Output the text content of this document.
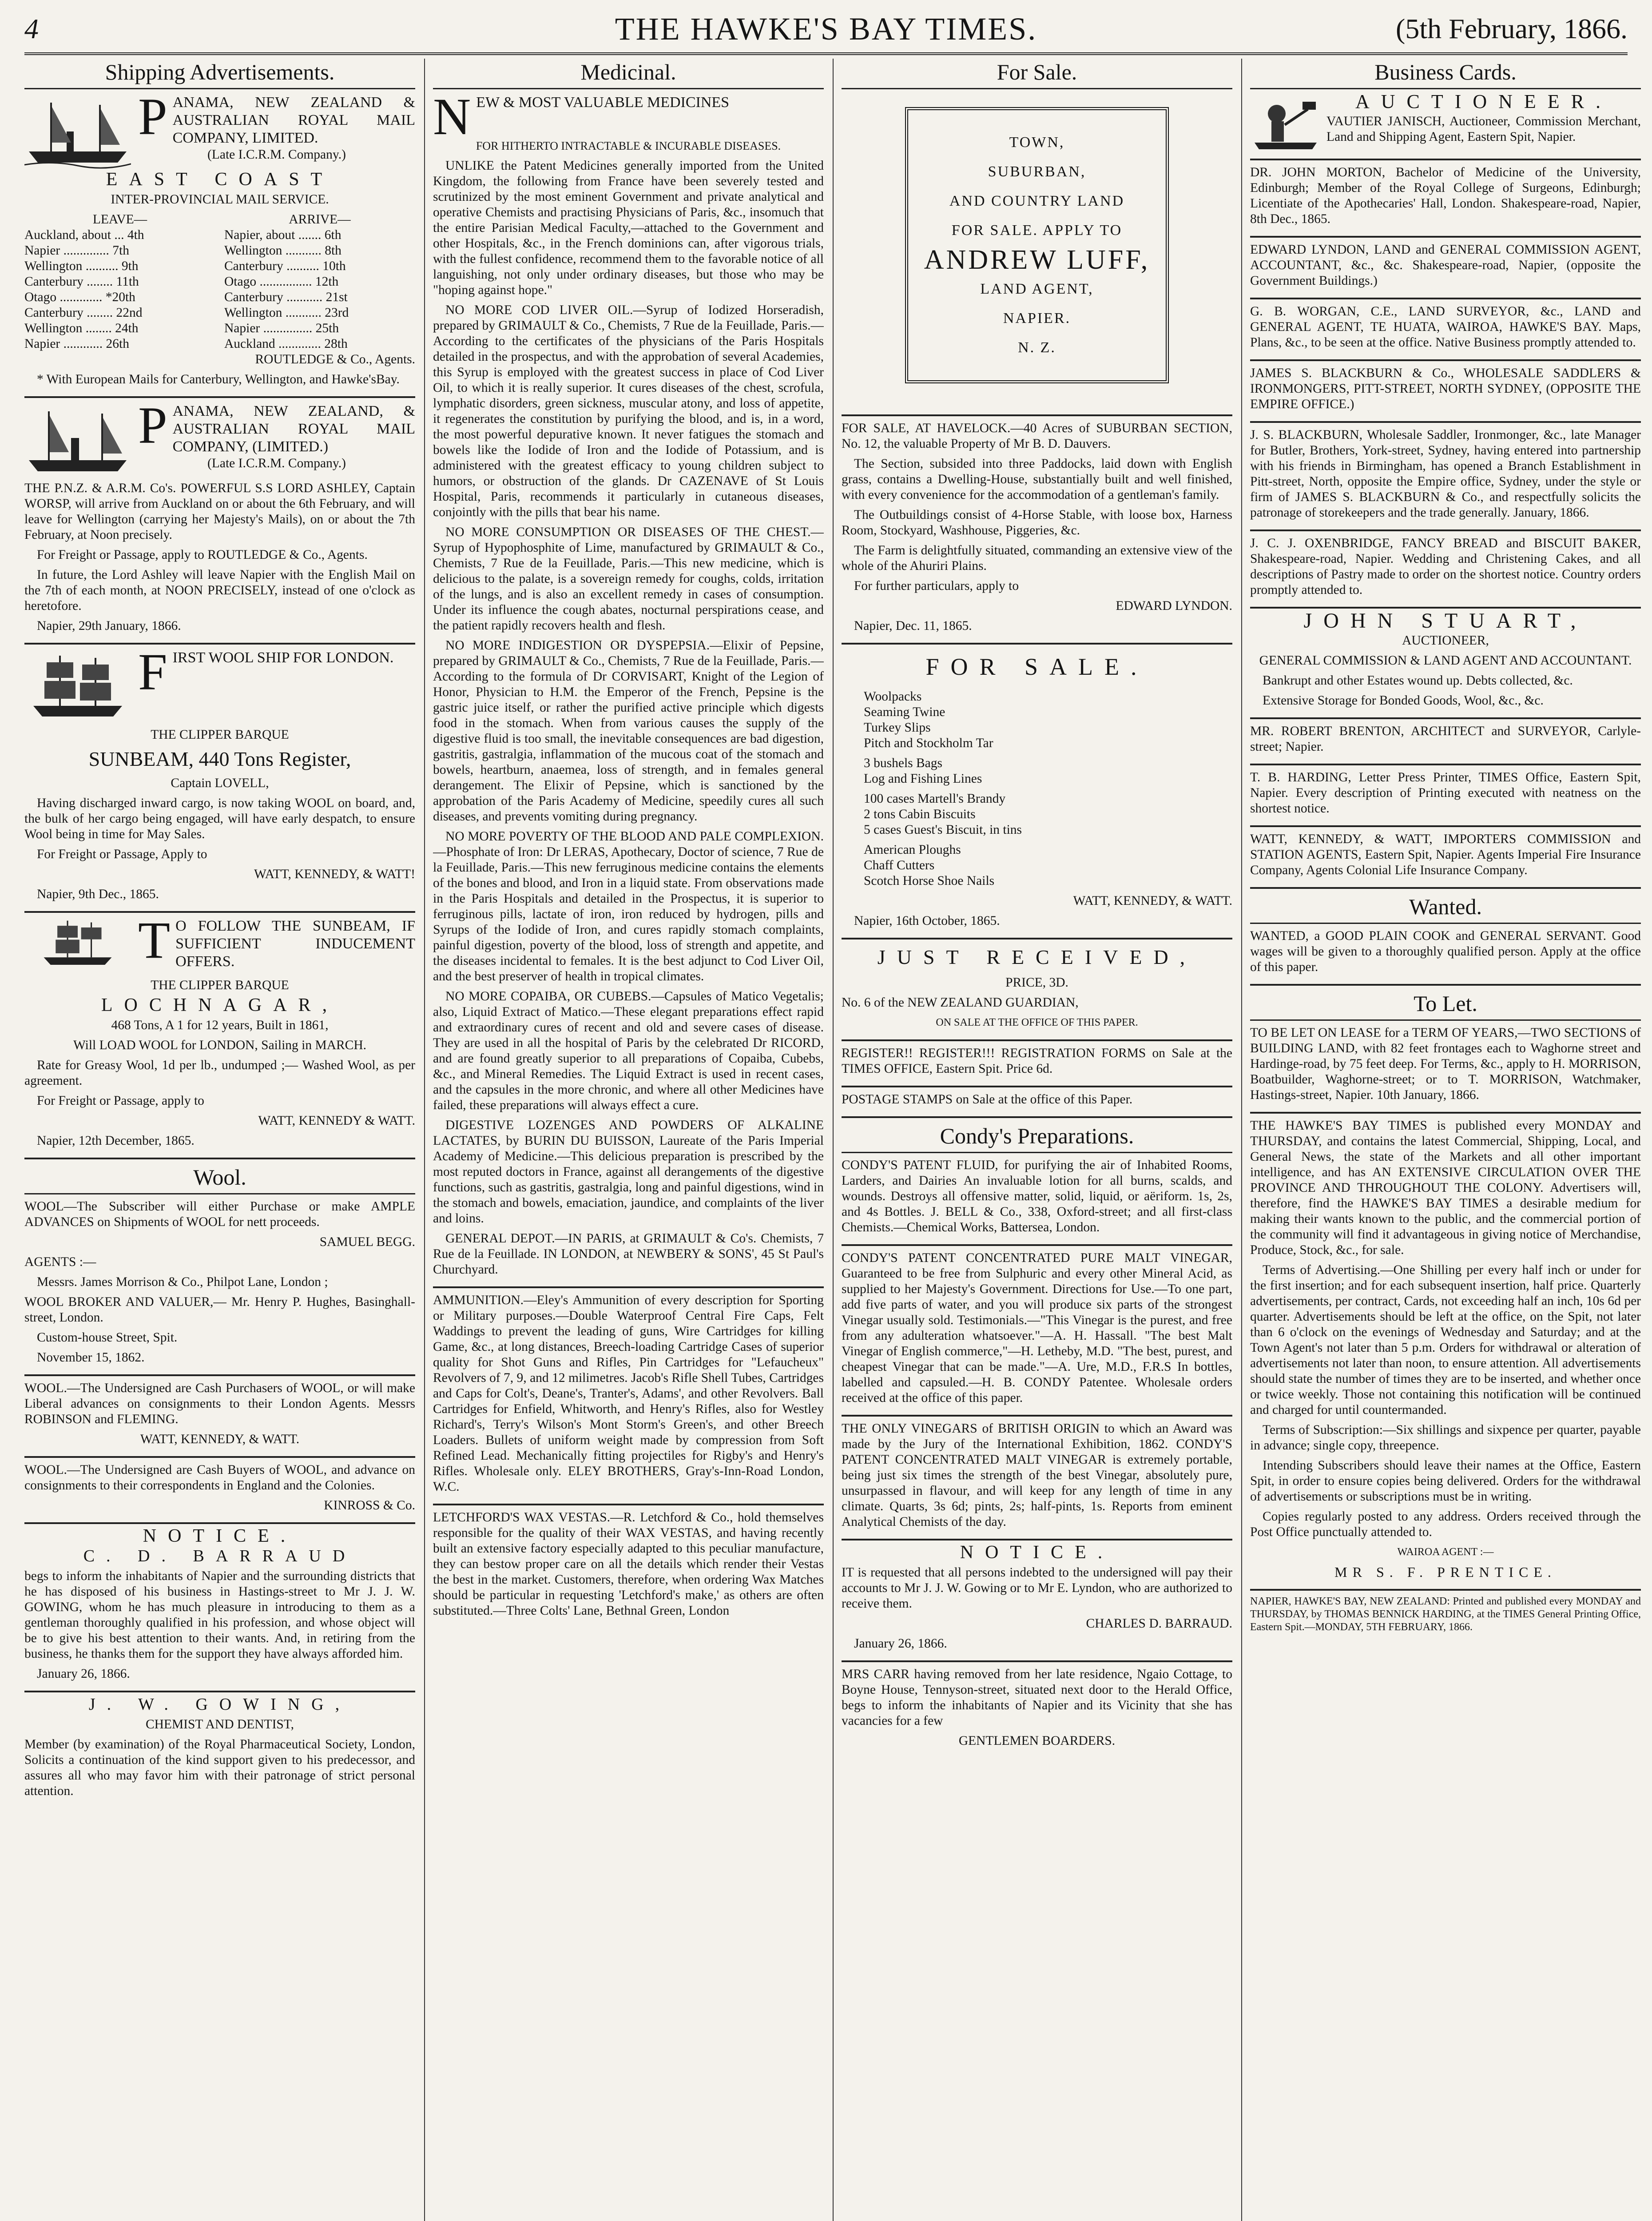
4	THE HAWKE'S BAY TIMES.	(5th February, 1866.
Shipping Advertisements.
PANAMA, NEW ZEALAND & AUSTRALIAN ROYAL MAIL COMPANY, LIMITED.

(Late I.C.R.M. Company.)

EAST COAST

INTER-PROVINCIAL MAIL SERVICE.

LEAVE—	ARRIVE—
Auckland, about ... 4th	Napier, about ....... 6th
Napier .............. 7th	Wellington ........... 8th
Wellington .......... 9th	Canterbury .......... 10th
Canterbury ........ 11th	Otago ................ 12th
Otago ............. *20th	Canterbury ........... 21st
Canterbury ........ 22nd	Wellington ........... 23rd
Wellington ........ 24th	Napier ............... 25th
Napier ............ 26th	Auckland ............. 28th

ROUTLEDGE & Co., Agents.

* With European Mails for Canterbury, Wellington, and Hawke'sBay.

PANAMA, NEW ZEALAND, & AUSTRALIAN ROYAL MAIL COMPANY, (LIMITED.)

(Late I.C.R.M. Company.)

THE P.N.Z. & A.R.M. Co's. POWERFUL S.S LORD ASHLEY, Captain WORSP, will arrive from Auckland on or about the 6th February, and will leave for Wellington (carrying her Majesty's Mails), on or about the 7th February, at Noon precisely.

For Freight or Passage, apply to ROUTLEDGE & Co., Agents.

In future, the Lord Ashley will leave Napier with the English Mail on the 7th of each month, at NOON PRECISELY, instead of one o'clock as heretofore.

Napier, 29th January, 1866.

FIRST WOOL SHIP FOR LONDON.

THE CLIPPER BARQUE

SUNBEAM, 440 Tons Register,

Captain LOVELL,

Having discharged inward cargo, is now taking WOOL on board, and, the bulk of her cargo being engaged, will have early despatch, to ensure Wool being in time for May Sales.

For Freight or Passage, Apply to

WATT, KENNEDY, & WATT!

Napier, 9th Dec., 1865.

TO FOLLOW THE SUNBEAM, IF SUFFICIENT INDUCEMENT OFFERS.

THE CLIPPER BARQUE

LOCHNAGAR,

468 Tons, A 1 for 12 years, Built in 1861,

Will LOAD WOOL for LONDON, Sailing in MARCH.

Rate for Greasy Wool, 1d per lb., undumped ;— Washed Wool, as per agreement.

For Freight or Passage, apply to

WATT, KENNEDY & WATT.

Napier, 12th December, 1865.

Wool.

WOOL—The Subscriber will either Purchase or make AMPLE ADVANCES on Shipments of WOOL for nett proceeds.

SAMUEL BEGG.

AGENTS :—

Messrs. James Morrison & Co., Philpot Lane, London ;

WOOL BROKER AND VALUER,— Mr. Henry P. Hughes, Basinghall-street, London.

Custom-house Street, Spit.

November 15, 1862.

WOOL.—The Undersigned are Cash Purchasers of WOOL, or will make Liberal advances on consignments to their London Agents. Messrs ROBINSON and FLEMING.

WATT, KENNEDY, & WATT.

WOOL.—The Undersigned are Cash Buyers of WOOL, and advance on consignments to their correspondents in England and the Colonies.

KINROSS & Co.

NOTICE.

C. D. BARRAUD

begs to inform the inhabitants of Napier and the surrounding districts that he has disposed of his business in Hastings-street to Mr J. J. W. GOWING, whom he has much pleasure in introducing to them as a gentleman thoroughly qualified in his profession, and whose object will be to give his best attention to their wants. And, in retiring from the business, he thanks them for the support they have always afforded him.

January 26, 1866.

J. W. GOWING,

CHEMIST AND DENTIST,

Member (by examination) of the Royal Pharmaceutical Society, London, Solicits a continuation of the kind support given to his predecessor, and assures all who may favor him with their patronage of strict personal attention.

Medicinal.
NEW & MOST VALUABLE MEDICINES

FOR HITHERTO INTRACTABLE & INCURABLE DISEASES.

UNLIKE the Patent Medicines generally imported from the United Kingdom, the following from France have been severely tested and scrutinized by the most eminent Government and private analytical and operative Chemists and practising Physicians of Paris, &c., insomuch that the entire Parisian Medical Faculty,—attached to the Government and other Hospitals, &c., in the French dominions can, after vigorous trials, with the fullest confidence, recommend them to the favorable notice of all languishing, not only under ordinary diseases, but those who may be "hoping against hope."

NO MORE COD LIVER OIL.—Syrup of Iodized Horseradish, prepared by GRIMAULT & Co., Chemists, 7 Rue de la Feuillade, Paris.—According to the certificates of the physicians of the Paris Hospitals detailed in the prospectus, and with the approbation of several Academies, this Syrup is employed with the greatest success in place of Cod Liver Oil, to which it is really superior. It cures diseases of the chest, scrofula, lymphatic disorders, green sickness, muscular atony, and loss of appetite, it regenerates the constitution by purifying the blood, and is, in a word, the most powerful depurative known. It never fatigues the stomach and bowels like the Iodide of Iron and the Iodide of Potassium, and is administered with the greatest efficacy to young children subject to humors, or obstruction of the glands. Dr CAZENAVE of St Louis Hospital, Paris, recommends it particularly in cutaneous diseases, conjointly with the pills that bear his name.

NO MORE CONSUMPTION OR DISEASES OF THE CHEST.—Syrup of Hypophosphite of Lime, manufactured by GRIMAULT & Co., Chemists, 7 Rue de la Feuillade, Paris.—This new medicine, which is delicious to the palate, is a sovereign remedy for coughs, colds, irritation of the lungs, and is also an excellent remedy in cases of consumption. Under its influence the cough abates, nocturnal perspirations cease, and the patient rapidly recovers health and flesh.

NO MORE INDIGESTION OR DYSPEPSIA.—Elixir of Pepsine, prepared by GRIMAULT & Co., Chemists, 7 Rue de la Feuillade, Paris.—According to the formula of Dr CORVISART, Knight of the Legion of Honor, Physician to H.M. the Emperor of the French, Pepsine is the gastric juice itself, or rather the purified active principle which digests food in the stomach. When from various causes the supply of the digestive fluid is too small, the inevitable consequences are bad digestion, gastritis, gastralgia, inflammation of the mucous coat of the stomach and bowels, heartburn, anaemea, loss of strength, and in females general derangement. The Elixir of Pepsine, which is sanctioned by the approbation of the Paris Academy of Medicine, speedily cures all such diseases, and prevents vomiting during pregnancy.

NO MORE POVERTY OF THE BLOOD AND PALE COMPLEXION.—Phosphate of Iron: Dr LERAS, Apothecary, Doctor of science, 7 Rue de la Feuillade, Paris.—This new ferruginous medicine contains the elements of the bones and blood, and Iron in a liquid state. From observations made in the Paris Hospitals and detailed in the Prospectus, it is superior to ferruginous pills, lactate of iron, iron reduced by hydrogen, pills and Syrups of the Iodide of Iron, and cures rapidly stomach complaints, painful digestion, poverty of the blood, loss of strength and appetite, and the diseases incidental to females. It is the best adjunct to Cod Liver Oil, and the best preserver of health in tropical climates.

NO MORE COPAIBA, OR CUBEBS.—Capsules of Matico Vegetalis; also, Liquid Extract of Matico.—These elegant preparations effect rapid and extraordinary cures of recent and old and severe cases of disease. They are used in all the hospital of Paris by the celebrated Dr RICORD, and are found greatly superior to all preparations of Copaiba, Cubebs, &c., and Mineral Remedies. The Liquid Extract is used in recent cases, and the capsules in the more chronic, and where all other Medicines have failed, these preparations will always effect a cure.

DIGESTIVE LOZENGES AND POWDERS OF ALKALINE LACTATES, by BURIN DU BUISSON, Laureate of the Paris Imperial Academy of Medicine.—This delicious preparation is prescribed by the most reputed doctors in France, against all derangements of the digestive functions, such as gastritis, gastralgia, long and painful digestions, wind in the stomach and bowels, emaciation, jaundice, and complaints of the liver and loins.

GENERAL DEPOT.—IN PARIS, at GRIMAULT & Co's. Chemists, 7 Rue de la Feuillade. IN LONDON, at NEWBERY & SONS', 45 St Paul's Churchyard.

AMMUNITION.—Eley's Ammunition of every description for Sporting or Military purposes.—Double Waterproof Central Fire Caps, Felt Waddings to prevent the leading of guns, Wire Cartridges for killing Game, &c., at long distances, Breech-loading Cartridge Cases of superior quality for Shot Guns and Rifles, Pin Cartridges for "Lefaucheux" Revolvers of 7, 9, and 12 milimetres. Jacob's Rifle Shell Tubes, Cartridges and Caps for Colt's, Deane's, Tranter's, Adams', and other Revolvers. Ball Cartridges for Enfield, Whitworth, and Henry's Rifles, also for Westley Richard's, Terry's Wilson's Mont Storm's Green's, and other Breech Loaders. Bullets of uniform weight made by compression from Soft Refined Lead. Mechanically fitting projectiles for Rigby's and Henry's Rifles. Wholesale only. ELEY BROTHERS, Gray's-Inn-Road London, W.C.

LETCHFORD'S WAX VESTAS.—R. Letchford & Co., hold themselves responsible for the quality of their WAX VESTAS, and having recently built an extensive factory especially adapted to this peculiar manufacture, they can bestow proper care on all the details which render their Vestas the best in the market. Customers, therefore, when ordering Wax Matches should be particular in requesting 'Letchford's make,' as others are often substituted.—Three Colts' Lane, Bethnal Green, London

For Sale.
TOWN,
SUBURBAN,
AND COUNTRY LAND
FOR SALE. APPLY TO
ANDREW LUFF,
LAND AGENT,
NAPIER.
N. Z.

FOR SALE, AT HAVELOCK.—40 Acres of SUBURBAN SECTION, No. 12, the valuable Property of Mr B. D. Dauvers.

The Section, subsided into three Paddocks, laid down with English grass, contains a Dwelling-House, substantially built and well finished, with every convenience for the accommodation of a gentleman's family.

The Outbuildings consist of 4-Horse Stable, with loose box, Harness Room, Stockyard, Washhouse, Piggeries, &c.

The Farm is delightfully situated, commanding an extensive view of the whole of the Ahuriri Plains.

For further particulars, apply to

EDWARD LYNDON.

Napier, Dec. 11, 1865.

FOR SALE.

Woolpacks
Seaming Twine
Turkey Slips
Pitch and Stockholm Tar
3 bushels Bags
Log and Fishing Lines
100 cases Martell's Brandy
2 tons Cabin Biscuits
5 cases Guest's Biscuit, in tins
American Ploughs
Chaff Cutters
Scotch Horse Shoe Nails

WATT, KENNEDY, & WATT.

Napier, 16th October, 1865.

JUST RECEIVED,

PRICE, 3D.

No. 6 of the NEW ZEALAND GUARDIAN,

ON SALE AT THE OFFICE OF THIS PAPER.

REGISTER!! REGISTER!!! REGISTRATION FORMS on Sale at the TIMES OFFICE, Eastern Spit. Price 6d.

POSTAGE STAMPS on Sale at the office of this Paper.

Condy's Preparations.

CONDY'S PATENT FLUID, for purifying the air of Inhabited Rooms, Larders, and Dairies An invaluable lotion for all burns, scalds, and wounds. Destroys all offensive matter, solid, liquid, or aëriform. 1s, 2s, and 4s Bottles. J. BELL & Co., 338, Oxford-street; and all first-class Chemists.—Chemical Works, Battersea, London.

CONDY'S PATENT CONCENTRATED PURE MALT VINEGAR, Guaranteed to be free from Sulphuric and every other Mineral Acid, as supplied to her Majesty's Government. Directions for Use.—To one part, add five parts of water, and you will produce six parts of the strongest Vinegar usually sold. Testimonials.—"This Vinegar is the purest, and free from any adulteration whatsoever."—A. H. Hassall. "The best Malt Vinegar of English commerce,"—H. Letheby, M.D. "The best, purest, and cheapest Vinegar that can be made."—A. Ure, M.D., F.R.S In bottles, labelled and capsuled.—H. B. CONDY Patentee. Wholesale orders received at the office of this paper.

THE ONLY VINEGARS of BRITISH ORIGIN to which an Award was made by the Jury of the International Exhibition, 1862. CONDY'S PATENT CONCENTRATED MALT VINEGAR is extremely portable, being just six times the strength of the best Vinegar, absolutely pure, unsurpassed in flavour, and will keep for any length of time in any climate. Quarts, 3s 6d; pints, 2s; half-pints, 1s. Reports from eminent Analytical Chemists of the day.

NOTICE.

IT is requested that all persons indebted to the undersigned will pay their accounts to Mr J. J. W. Gowing or to Mr E. Lyndon, who are authorized to receive them.

CHARLES D. BARRAUD.

January 26, 1866.

MRS CARR having removed from her late residence, Ngaio Cottage, to Boyne House, Tennyson-street, situated next door to the Herald Office, begs to inform the inhabitants of Napier and its Vicinity that she has vacancies for a few

GENTLEMEN BOARDERS.

Business Cards.

AUCTIONEER.

VAUTIER JANISCH, Auctioneer, Commission Merchant, Land and Shipping Agent, Eastern Spit, Napier.

DR. JOHN MORTON, Bachelor of Medicine of the University, Edinburgh; Member of the Royal College of Surgeons, Edinburgh; Licentiate of the Apothecaries' Hall, London. Shakespeare-road, Napier, 8th Dec., 1865.

EDWARD LYNDON, LAND and GENERAL COMMISSION AGENT, ACCOUNTANT, &c., &c. Shakespeare-road, Napier, (opposite the Government Buildings.)

G. B. WORGAN, C.E., LAND SURVEYOR, &c., LAND and GENERAL AGENT, TE HUATA, WAIROA, HAWKE'S BAY. Maps, Plans, &c., to be seen at the office. Native Business promptly attended to.

JAMES S. BLACKBURN & Co., WHOLESALE SADDLERS & IRONMONGERS, PITT-STREET, NORTH SYDNEY, (OPPOSITE THE EMPIRE OFFICE.)

J. S. BLACKBURN, Wholesale Saddler, Ironmonger, &c., late Manager for Butler, Brothers, York-street, Sydney, having entered into partnership with his friends in Birmingham, has opened a Branch Establishment in Pitt-street, North, opposite the Empire office, Sydney, under the style or firm of JAMES S. BLACKBURN & Co., and respectfully solicits the patronage of storekeepers and the trade generally. January, 1866.

J. C. J. OXENBRIDGE, FANCY BREAD and BISCUIT BAKER, Shakespeare-road, Napier. Wedding and Christening Cakes, and all descriptions of Pastry made to order on the shortest notice. Country orders promptly attended to.

JOHN STUART,

AUCTIONEER,

GENERAL COMMISSION & LAND AGENT AND ACCOUNTANT.

Bankrupt and other Estates wound up. Debts collected, &c.

Extensive Storage for Bonded Goods, Wool, &c., &c.

MR. ROBERT BRENTON, ARCHITECT and SURVEYOR, Carlyle-street; Napier.

T. B. HARDING, Letter Press Printer, TIMES Office, Eastern Spit, Napier. Every description of Printing executed with neatness on the shortest notice.

WATT, KENNEDY, & WATT, IMPORTERS COMMISSION and STATION AGENTS, Eastern Spit, Napier. Agents Imperial Fire Insurance Company, Agents Colonial Life Insurance Company.

Wanted.

WANTED, a GOOD PLAIN COOK and GENERAL SERVANT. Good wages will be given to a thoroughly qualified person. Apply at the office of this paper.

To Let.

TO BE LET ON LEASE for a TERM OF YEARS,—TWO SECTIONS of BUILDING LAND, with 82 feet frontages each to Waghorne street and Hardinge-road, by 75 feet deep. For Terms, &c., apply to H. MORRISON, Boatbuilder, Waghorne-street; or to T. MORRISON, Watchmaker, Hastings-street, Napier. 10th January, 1866.

THE HAWKE'S BAY TIMES is published every MONDAY and THURSDAY, and contains the latest Commercial, Shipping, Local, and General News, the state of the Markets and all other important intelligence, and has AN EXTENSIVE CIRCULATION OVER THE PROVINCE AND THROUGHOUT THE COLONY. Advertisers will, therefore, find the HAWKE'S BAY TIMES a desirable medium for making their wants known to the public, and the commercial portion of the community will find it advantageous in giving notice of Merchandise, Produce, Stock, &c., for sale.

Terms of Advertising.—One Shilling per every half inch or under for the first insertion; and for each subsequent insertion, half price. Quarterly advertisements, per contract, Cards, not exceeding half an inch, 10s 6d per quarter. Advertisements should be left at the office, on the Spit, not later than 6 o'clock on the evenings of Wednesday and Saturday; and at the Town Agent's not later than 5 p.m. Orders for withdrawal or alteration of advertisements not later than noon, to ensure attention. All advertisements should state the number of times they are to be inserted, and whether once or twice weekly. Those not containing this notification will be continued and charged for until countermanded.

Terms of Subscription:—Six shillings and sixpence per quarter, payable in advance; single copy, threepence.

Intending Subscribers should leave their names at the Office, Eastern Spit, in order to ensure copies being delivered. Orders for the withdrawal of advertisements or subscriptions must be in writing.

Copies regularly posted to any address. Orders received through the Post Office punctually attended to.

WAIROA AGENT :—

MR S. F. PRENTICE.

NAPIER, HAWKE'S BAY, NEW ZEALAND: Printed and published every MONDAY and THURSDAY, by THOMAS BENNICK HARDING, at the TIMES General Printing Office, Eastern Spit.—MONDAY, 5TH FEBRUARY, 1866.
